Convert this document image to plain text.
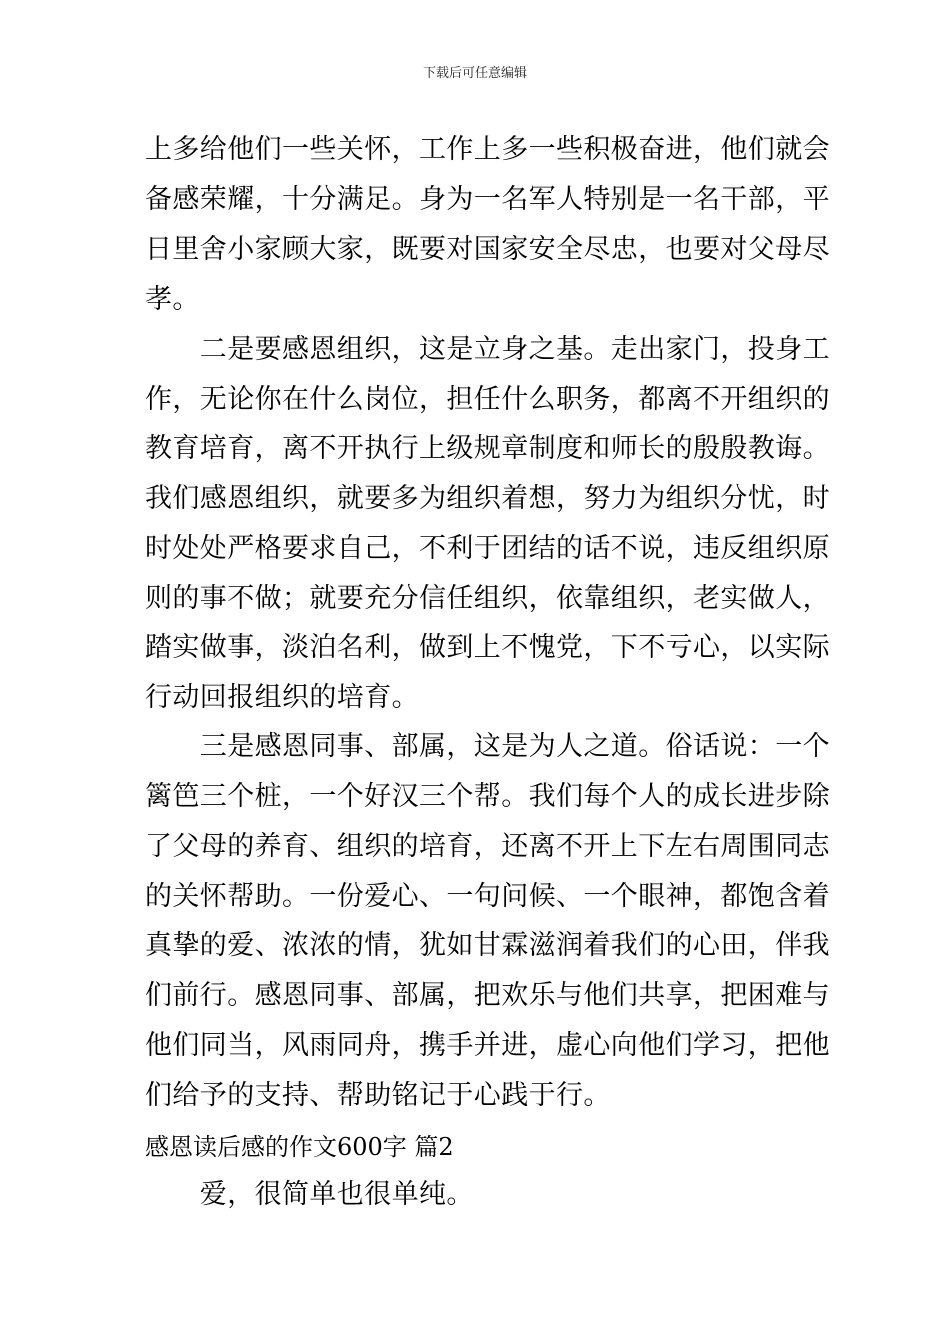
下载后可任意编辑
上多给他们一些关怀，工作上多一些积极奋进，他们就会
备感荣耀，十分满足。身为一名军人特别是一名干部，平
日里舍小家顾大家，既要对国家安全尽忠，也要对父母尽
孝。
　　二是要感恩组织，这是立身之基。走出家门，投身工
作，无论你在什么岗位，担任什么职务，都离不开组织的
教育培育，离不开执行上级规章制度和师长的殷殷教诲。
我们感恩组织，就要多为组织着想，努力为组织分忧，时
时处处严格要求自己，不利于团结的话不说，违反组织原
则的事不做；就要充分信任组织，依靠组织，老实做人，
踏实做事，淡泊名利，做到上不愧党，下不亏心，以实际
行动回报组织的培育。
　　三是感恩同事、部属，这是为人之道。俗话说：一个
篱笆三个桩，一个好汉三个帮。我们每个人的成长进步除
了父母的养育、组织的培育，还离不开上下左右周围同志
的关怀帮助。一份爱心、一句问候、一个眼神，都饱含着
真挚的爱、浓浓的情，犹如甘霖滋润着我们的心田，伴我
们前行。感恩同事、部属，把欢乐与他们共享，把困难与
他们同当，风雨同舟，携手并进，虚心向他们学习，把他
们给予的支持、帮助铭记于心践于行。
感恩读后感的作文600字 篇2
　　爱，很简单也很单纯。
